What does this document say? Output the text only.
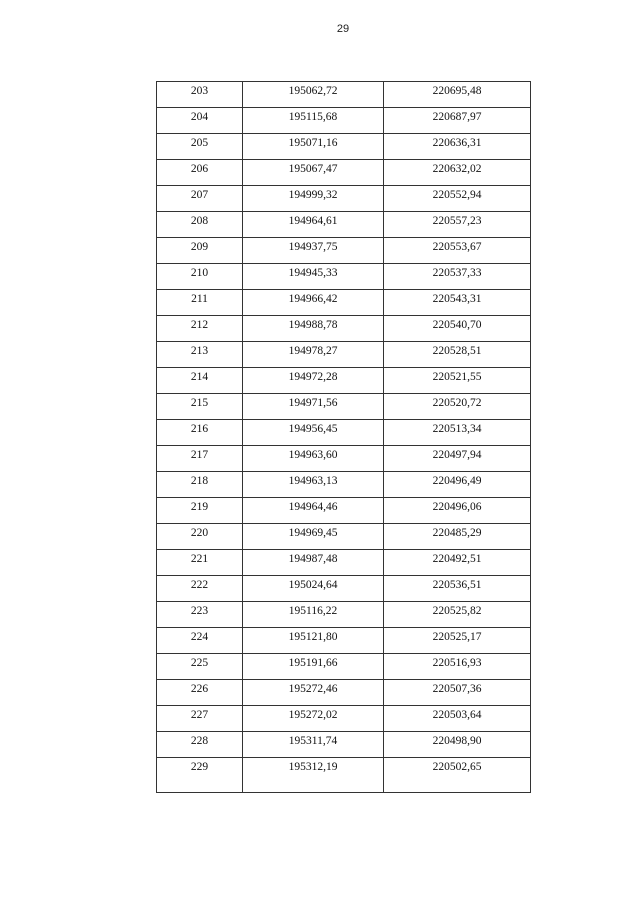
29
203	195062,72	220695,48
204	195115,68	220687,97
205	195071,16	220636,31
206	195067,47	220632,02
207	194999,32	220552,94
208	194964,61	220557,23
209	194937,75	220553,67
210	194945,33	220537,33
211	194966,42	220543,31
212	194988,78	220540,70
213	194978,27	220528,51
214	194972,28	220521,55
215	194971,56	220520,72
216	194956,45	220513,34
217	194963,60	220497,94
218	194963,13	220496,49
219	194964,46	220496,06
220	194969,45	220485,29
221	194987,48	220492,51
222	195024,64	220536,51
223	195116,22	220525,82
224	195121,80	220525,17
225	195191,66	220516,93
226	195272,46	220507,36
227	195272,02	220503,64
228	195311,74	220498,90
229	195312,19	220502,65
